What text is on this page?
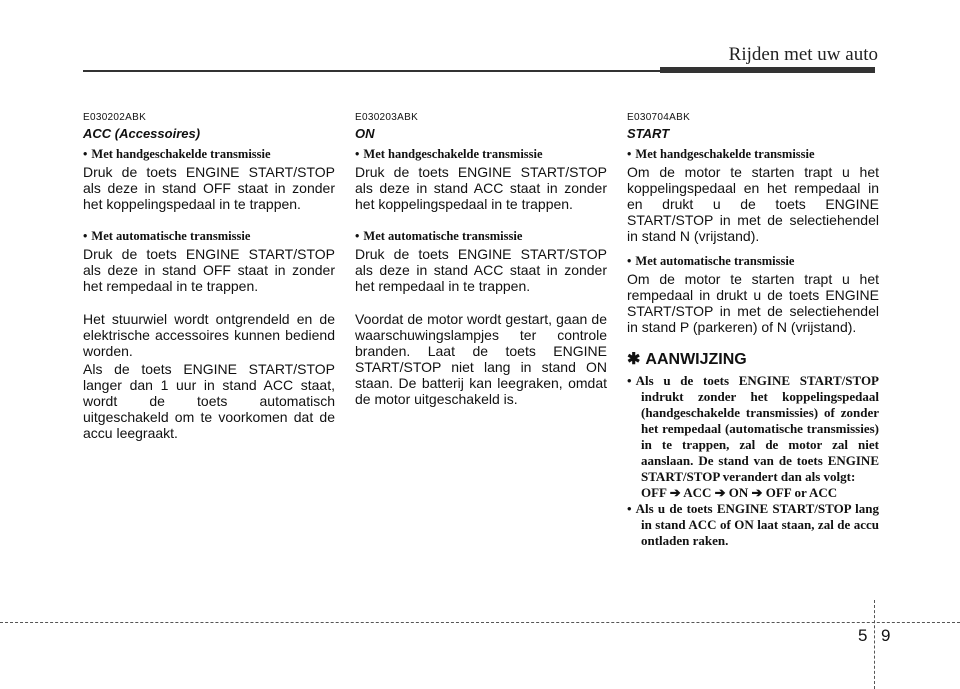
Rijden met uw auto
E030202ABK
ACC (Accessoires)
• Met handgeschakelde transmissie
Druk de toets ENGINE START/STOP als deze in stand OFF staat in zonder het koppelingspedaal in te trappen.
• Met automatische transmissie
Druk de toets ENGINE START/STOP als deze in stand OFF staat in zonder het rempedaal in te trappen.
Het stuurwiel wordt ontgrendeld en de elektrische accessoires kunnen bediend worden.
Als de toets ENGINE START/STOP langer dan 1 uur in stand ACC staat, wordt de toets automatisch uitgeschakeld om te voorkomen dat de accu leegraakt.
E030203ABK
ON
• Met handgeschakelde transmissie
Druk de toets ENGINE START/STOP als deze in stand ACC staat in zonder het koppelingspedaal in te trappen.
• Met automatische transmissie
Druk de toets ENGINE START/STOP als deze in stand ACC staat in zonder het rempedaal in te trappen.
Voordat de motor wordt gestart, gaan de waarschuwingslampjes ter controle branden. Laat de toets ENGINE START/STOP niet lang in stand ON staan. De batterij kan leegraken, omdat de motor uitgeschakeld is.
E030704ABK
START
• Met handgeschakelde transmissie
Om de motor te starten trapt u het koppelingspedaal en het rempedaal in en drukt u de toets ENGINE START/STOP in met de selectiehendel in stand N (vrijstand).
• Met automatische transmissie
Om de motor te starten trapt u het rempedaal in drukt u de toets ENGINE START/STOP in met de selectiehendel in stand P (parkeren) of N (vrijstand).
✱ AANWIJZING
• Als u de toets ENGINE START/STOP indrukt zonder het koppelingspedaal (handgeschakelde transmissies) of zonder het rempedaal (automatische transmissies) in te trappen, zal de motor zal niet aanslaan. De stand van de toets ENGINE START/STOP verandert dan als volgt:
OFF ➔ ACC ➔ ON ➔ OFF or ACC
• Als u de toets ENGINE START/STOP lang in stand ACC of ON laat staan, zal de accu ontladen raken.
5 9
